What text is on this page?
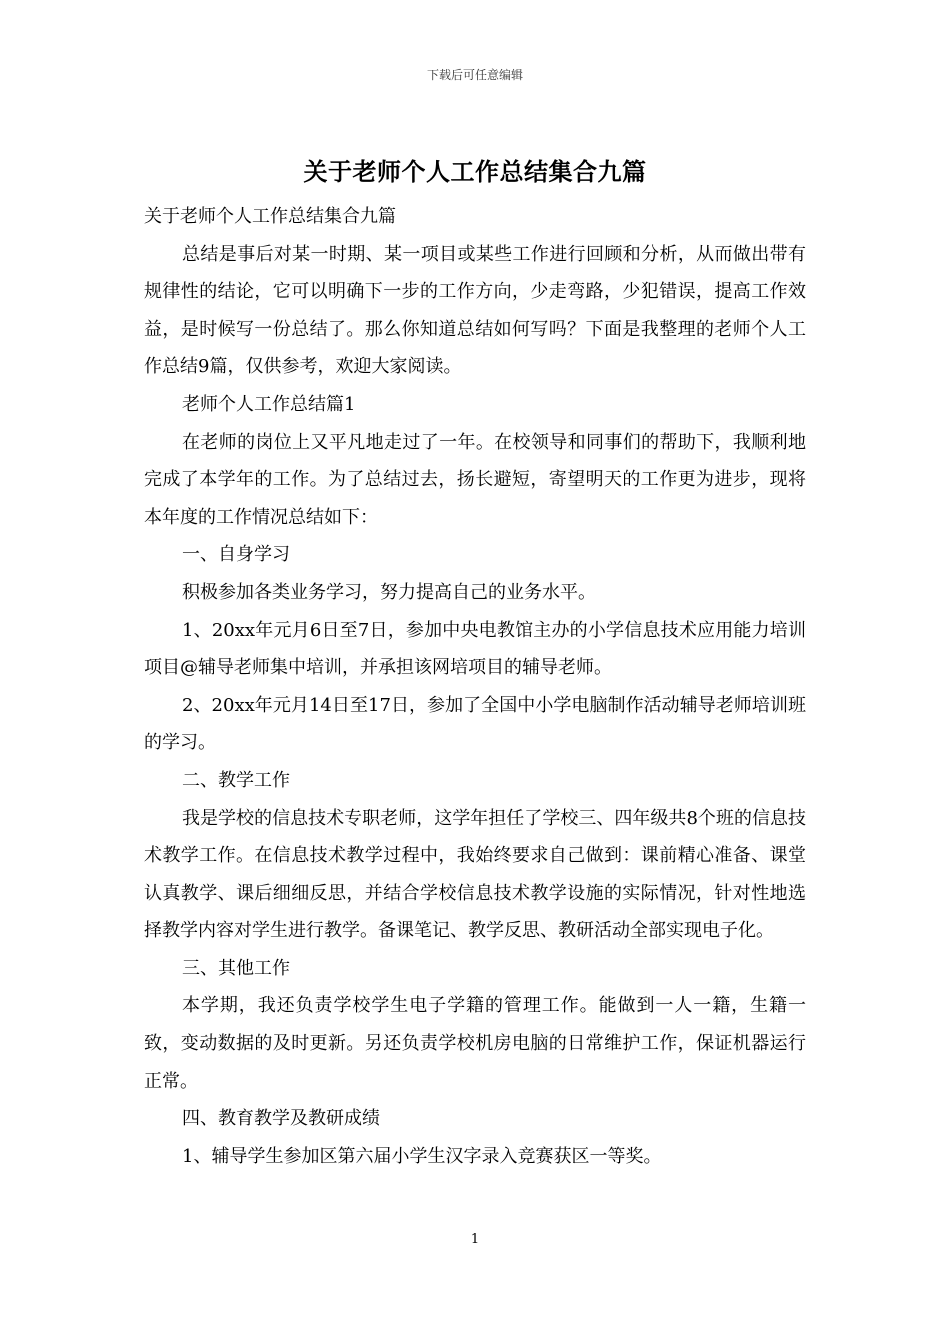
下载后可任意编辑
关于老师个人工作总结集合九篇

关于老师个人工作总结集合九篇

总结是事后对某一时期、某一项目或某些工作进行回顾和分析，从而做出带有规律性的结论，它可以明确下一步的工作方向，少走弯路，少犯错误，提高工作效益，是时候写一份总结了。那么你知道总结如何写吗？下面是我整理的老师个人工作总结9篇，仅供参考，欢迎大家阅读。

老师个人工作总结篇1

在老师的岗位上又平凡地走过了一年。在校领导和同事们的帮助下，我顺利地完成了本学年的工作。为了总结过去，扬长避短，寄望明天的工作更为进步，现将本年度的工作情况总结如下：

一、自身学习

积极参加各类业务学习，努力提高自己的业务水平。

1、20xx年元月6日至7日，参加中央电教馆主办的小学信息技术应用能力培训项目@辅导老师集中培训，并承担该网培项目的辅导老师。

2、20xx年元月14日至17日，参加了全国中小学电脑制作活动辅导老师培训班的学习。

二、教学工作

我是学校的信息技术专职老师，这学年担任了学校三、四年级共8个班的信息技术教学工作。在信息技术教学过程中，我始终要求自己做到：课前精心准备、课堂认真教学、课后细细反思，并结合学校信息技术教学设施的实际情况，针对性地选择教学内容对学生进行教学。备课笔记、教学反思、教研活动全部实现电子化。

三、其他工作

本学期，我还负责学校学生电子学籍的管理工作。能做到一人一籍，生籍一致，变动数据的及时更新。另还负责学校机房电脑的日常维护工作，保证机器运行正常。

四、教育教学及教研成绩

1、辅导学生参加区第六届小学生汉字录入竞赛获区一等奖。

1
